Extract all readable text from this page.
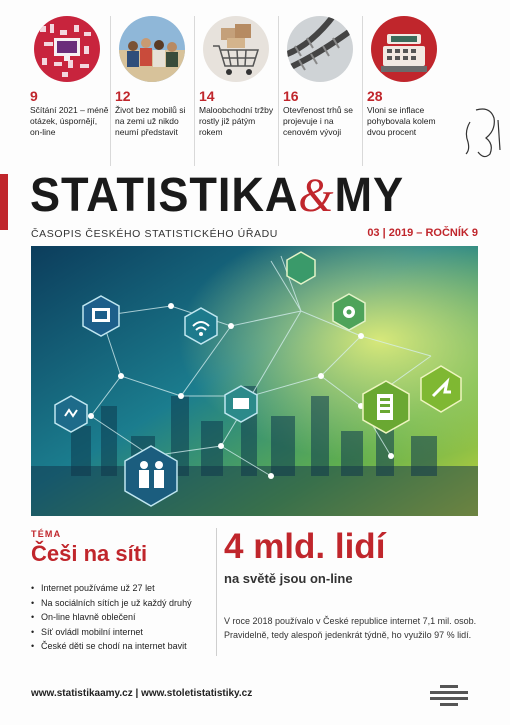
9
Sčítání 2021 – méně otázek, úspornějí, on-line
12
Život bez mobilů si na zemi už nikdo neumí představit
14
Maloobchodní tržby rostly již pátým rokem
16
Otevřenost trhů se projevuje i na cenovém vývoji
28
Vloni se inflace pohybovala kolem dvou procent
STATISTIKA&MY
ČASOPIS ČESKÉHO STATISTICKÉHO ÚŘADU	03 | 2019 – ROČNÍK 9
TÉMA
Češi na síti
• Internet používáme už 27 let
• Na sociálních sítích je už každý druhý
• On-line hlavně oblečení
• Síť ovládl mobilní internet
• České děti se chodí na internet bavit
4 mld. lidí
na světě jsou on-line
V roce 2018 používalo v České republice internet 7,1 mil. osob. Pravidelně, tedy alespoň jedenkrát týdně, ho využilo 97 % lidí.
www.statistikaamy.cz | www.stoletistatistiky.cz
